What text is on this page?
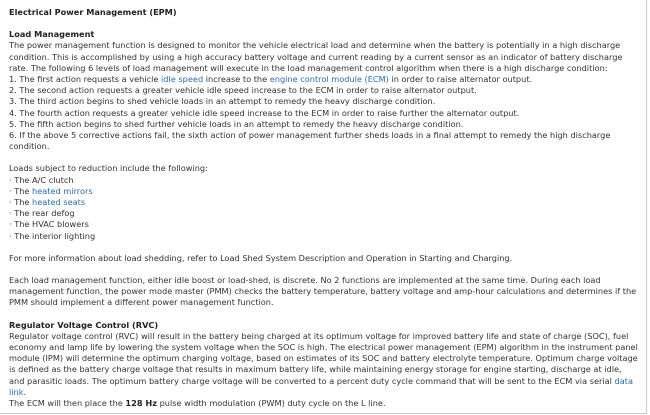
Electrical Power Management (EPM)
Load Management

The power management function is designed to monitor the vehicle electrical load and determine when the battery is potentially in a high discharge condition. This is accomplished by using a high accuracy battery voltage and current reading by a current sensor as an indicator of battery discharge rate. The following 6 levels of load management will execute in the load management control algorithm when there is a high discharge condition:

1. The first action requests a vehicle idle speed increase to the engine control module (ECM) in order to raise alternator output.

2. The second action requests a greater vehicle idle speed increase to the ECM in order to raise alternator output.

3. The third action begins to shed vehicle loads in an attempt to remedy the heavy discharge condition.

4. The fourth action requests a greater vehicle idle speed increase to the ECM in order to raise further the alternator output.

5. The fifth action begins to shed further vehicle loads in an attempt to remedy the heavy discharge condition.

6. If the above 5 corrective actions fail, the sixth action of power management further sheds loads in a final attempt to remedy the high discharge condition.

Loads subject to reduction include the following:

· The A/C clutch

· The heated mirrors

· The heated seats

· The rear defog

· The HVAC blowers

· The interior lighting

For more information about load shedding, refer to Load Shed System Description and Operation in Starting and Charging.

Each load management function, either idle boost or load-shed, is discrete. No 2 functions are implemented at the same time. During each load management function, the power mode master (PMM) checks the battery temperature, battery voltage and amp-hour calculations and determines if the PMM should implement a different power management function.

Regulator Voltage Control (RVC)

Regulator voltage control (RVC) will result in the battery being charged at its optimum voltage for improved battery life and state of charge (SOC), fuel economy and lamp life by lowering the system voltage when the SOC is high. The electrical power management (EPM) algorithm in the instrument panel module (IPM) will determine the optimum charging voltage, based on estimates of its SOC and battery electrolyte temperature. Optimum charge voltage is defined as the battery charge voltage that results in maximum battery life, while maintaining energy storage for engine starting, discharge at idle, and parasitic loads. The optimum battery charge voltage will be converted to a percent duty cycle command that will be sent to the ECM via serial data link.
The ECM will then place the 128 Hz pulse width modulation (PWM) duty cycle on the L line.
